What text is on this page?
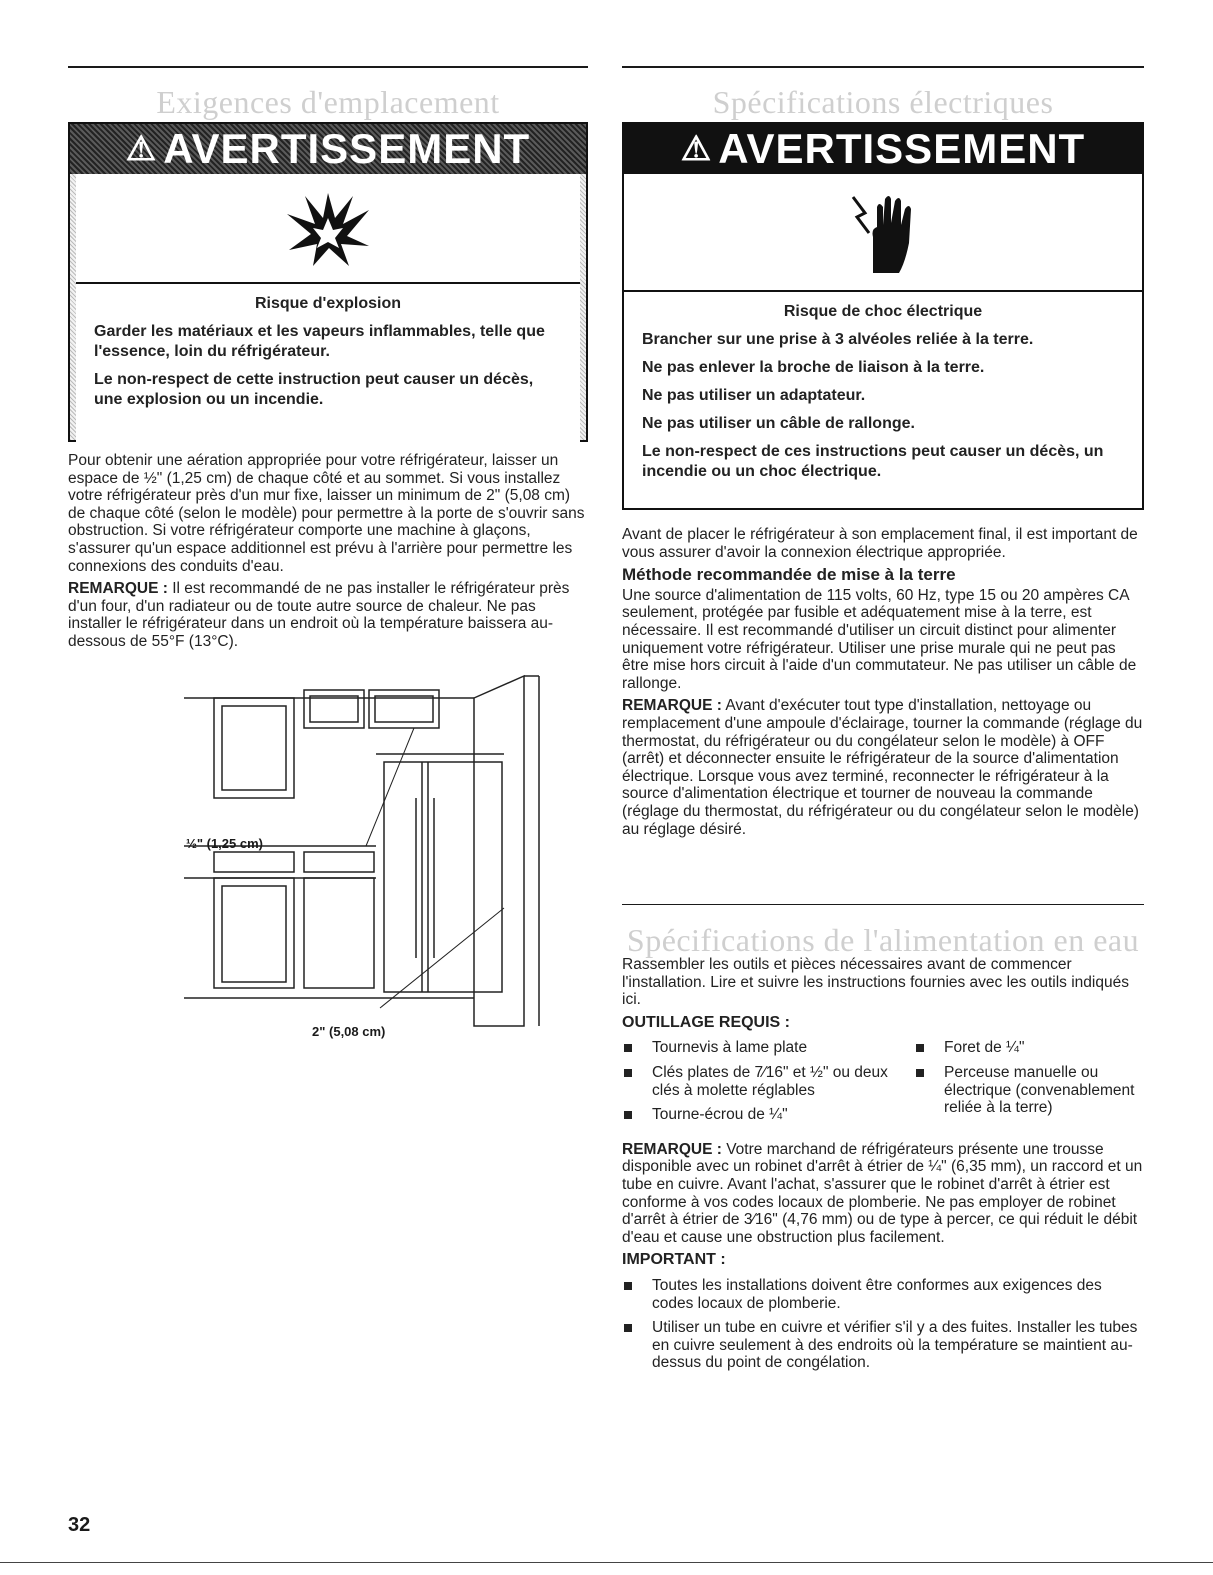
Exigences d'emplacement
⚠ AVERTISSEMENT
Risque d'explosion

Garder les matériaux et les vapeurs inflammables, telle que l'essence, loin du réfrigérateur.

Le non-respect de cette instruction peut causer un décès, une explosion ou un incendie.

Pour obtenir une aération appropriée pour votre réfrigérateur, laisser un espace de ½" (1,25 cm) de chaque côté et au sommet. Si vous installez votre réfrigérateur près d'un mur fixe, laisser un minimum de 2" (5,08 cm) de chaque côté (selon le modèle) pour permettre à la porte de s'ouvrir sans obstruction. Si votre réfrigérateur comporte une machine à glaçons, s'assurer qu'un espace additionnel est prévu à l'arrière pour permettre les connexions des conduits d'eau.

REMARQUE : Il est recommandé de ne pas installer le réfrigérateur près d'un four, d'un radiateur ou de toute autre source de chaleur. Ne pas installer le réfrigérateur dans un endroit où la température baissera au-dessous de 55°F (13°C).

½" (1,25 cm)
2" (5,08 cm)
Spécifications électriques
⚠ AVERTISSEMENT
Risque de choc électrique

Brancher sur une prise à 3 alvéoles reliée à la terre.

Ne pas enlever la broche de liaison à la terre.

Ne pas utiliser un adaptateur.

Ne pas utiliser un câble de rallonge.

Le non-respect de ces instructions peut causer un décès, un incendie ou un choc électrique.

Avant de placer le réfrigérateur à son emplacement final, il est important de vous assurer d'avoir la connexion électrique appropriée.

Méthode recommandée de mise à la terre

Une source d'alimentation de 115 volts, 60 Hz, type 15 ou 20 ampères CA seulement, protégée par fusible et adéquatement mise à la terre, est nécessaire. Il est recommandé d'utiliser un circuit distinct pour alimenter uniquement votre réfrigérateur. Utiliser une prise murale qui ne peut pas être mise hors circuit à l'aide d'un commutateur. Ne pas utiliser un câble de rallonge.

REMARQUE : Avant d'exécuter tout type d'installation, nettoyage ou remplacement d'une ampoule d'éclairage, tourner la commande (réglage du thermostat, du réfrigérateur ou du congélateur selon le modèle) à OFF (arrêt) et déconnecter ensuite le réfrigérateur de la source d'alimentation électrique. Lorsque vous avez terminé, reconnecter le réfrigérateur à la source d'alimentation électrique et tourner de nouveau la commande (réglage du thermostat, du réfrigérateur ou du congélateur selon le modèle) au réglage désiré.

Spécifications de l'alimentation en eau

Rassembler les outils et pièces nécessaires avant de commencer l'installation. Lire et suivre les instructions fournies avec les outils indiqués ici.

OUTILLAGE REQUIS :
Tournevis à lame plate
Clés plates de 7⁄16" et ½" ou deux clés à molette réglables
Tourne-écrou de ¼"
Foret de ¼"
Perceuse manuelle ou électrique (convenablement reliée à la terre)

REMARQUE : Votre marchand de réfrigérateurs présente une trousse disponible avec un robinet d'arrêt à étrier de ¼" (6,35 mm), un raccord et un tube en cuivre. Avant l'achat, s'assurer que le robinet d'arrêt à étrier est conforme à vos codes locaux de plomberie. Ne pas employer de robinet d'arrêt à étrier de 3⁄16" (4,76 mm) ou de type à percer, ce qui réduit le débit d'eau et cause une obstruction plus facilement.

IMPORTANT :
Toutes les installations doivent être conformes aux exigences des codes locaux de plomberie.
Utiliser un tube en cuivre et vérifier s'il y a des fuites. Installer les tubes en cuivre seulement à des endroits où la température se maintient au-dessus du point de congélation.
32
